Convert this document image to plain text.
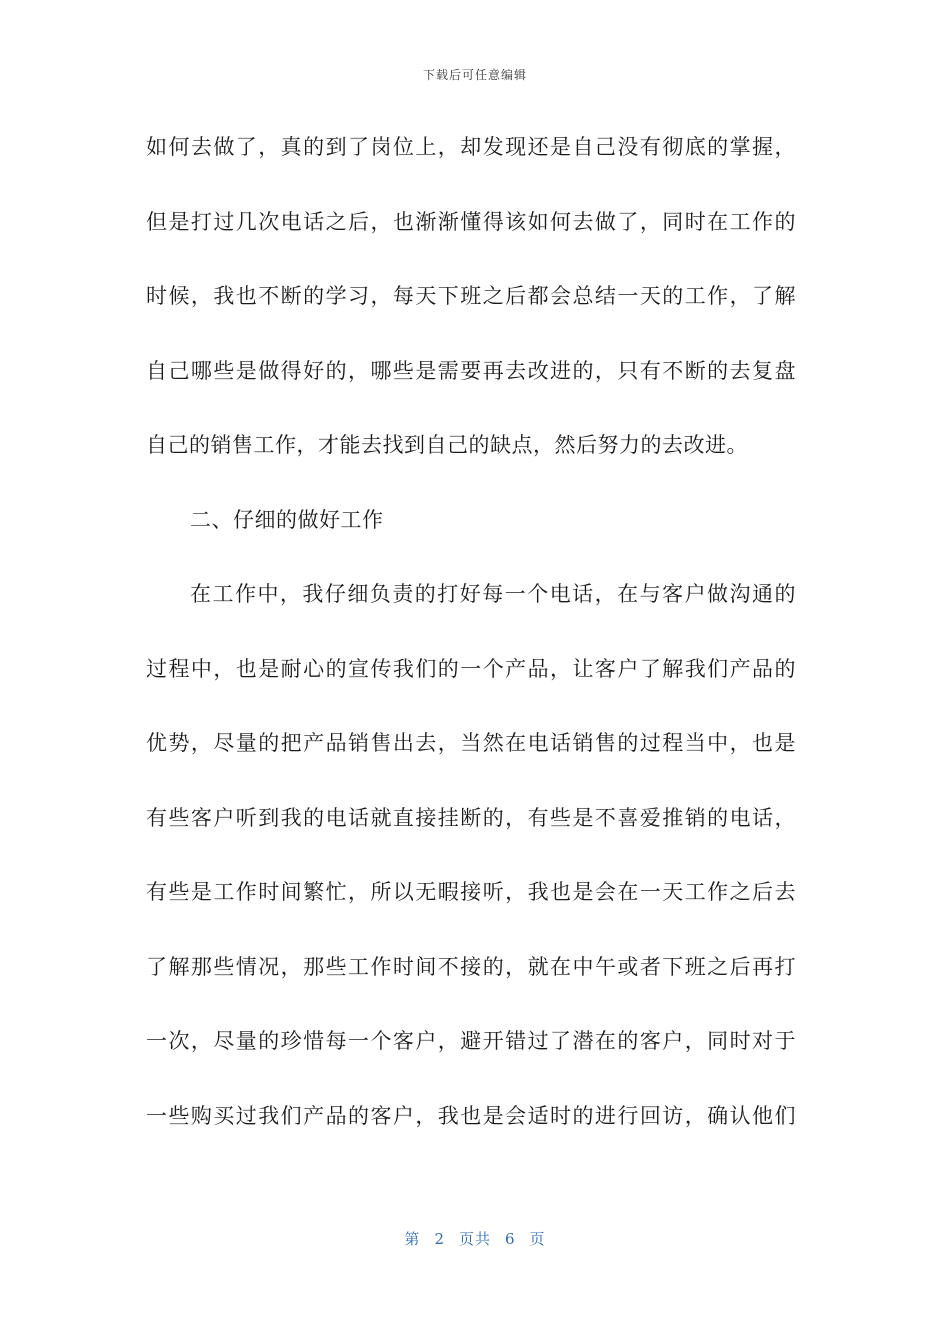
下载后可任意编辑
如何去做了，真的到了岗位上，却发现还是自己没有彻底的掌握，
但是打过几次电话之后，也渐渐懂得该如何去做了，同时在工作的
时候，我也不断的学习，每天下班之后都会总结一天的工作，了解
自己哪些是做得好的，哪些是需要再去改进的，只有不断的去复盘
自己的销售工作，才能去找到自己的缺点，然后努力的去改进。
二、仔细的做好工作
在工作中，我仔细负责的打好每一个电话，在与客户做沟通的
过程中，也是耐心的宣传我们的一个产品，让客户了解我们产品的
优势，尽量的把产品销售出去，当然在电话销售的过程当中，也是
有些客户听到我的电话就直接挂断的，有些是不喜爱推销的电话，
有些是工作时间繁忙，所以无暇接听，我也是会在一天工作之后去
了解那些情况，那些工作时间不接的，就在中午或者下班之后再打
一次，尽量的珍惜每一个客户，避开错过了潜在的客户，同时对于
一些购买过我们产品的客户，我也是会适时的进行回访，确认他们
第 2 页共 6 页
